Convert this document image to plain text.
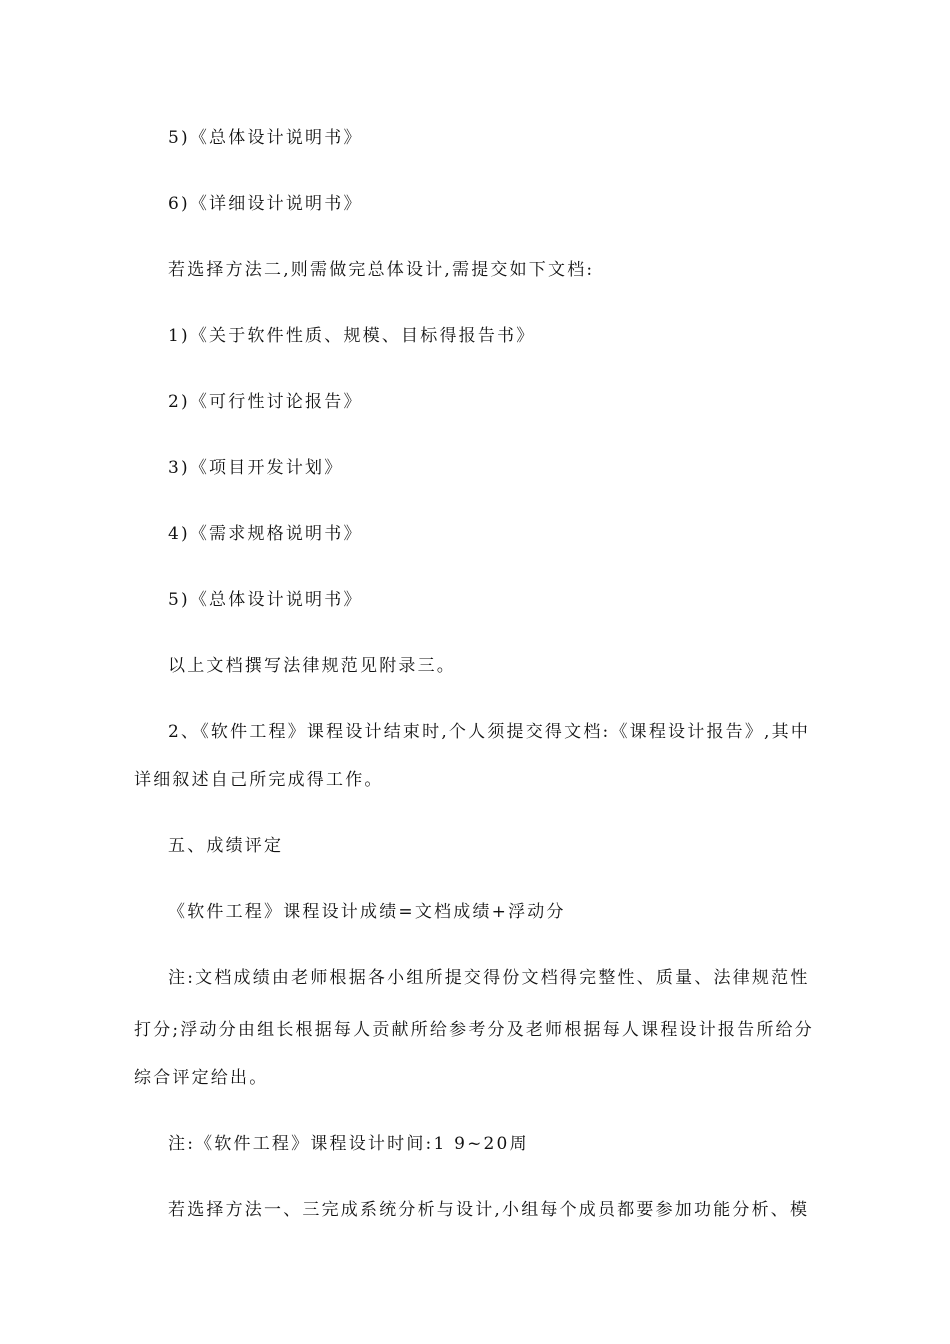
5)《总体设计说明书》
6)《详细设计说明书》
若选择方法二,则需做完总体设计,需提交如下文档:
1)《关于软件性质、规模、目标得报告书》
2)《可行性讨论报告》
3)《项目开发计划》
4)《需求规格说明书》
5)《总体设计说明书》
以上文档撰写法律规范见附录三。
2、《软件工程》课程设计结束时,个人须提交得文档:《课程设计报告》,其中
详细叙述自己所完成得工作。
五、成绩评定
《软件工程》课程设计成绩=文档成绩+浮动分
注:文档成绩由老师根据各小组所提交得份文档得完整性、质量、法律规范性
打分;浮动分由组长根据每人贡献所给参考分及老师根据每人课程设计报告所给分
综合评定给出。
注:《软件工程》课程设计时间:1 9~20周
若选择方法一、三完成系统分析与设计,小组每个成员都要参加功能分析、模
